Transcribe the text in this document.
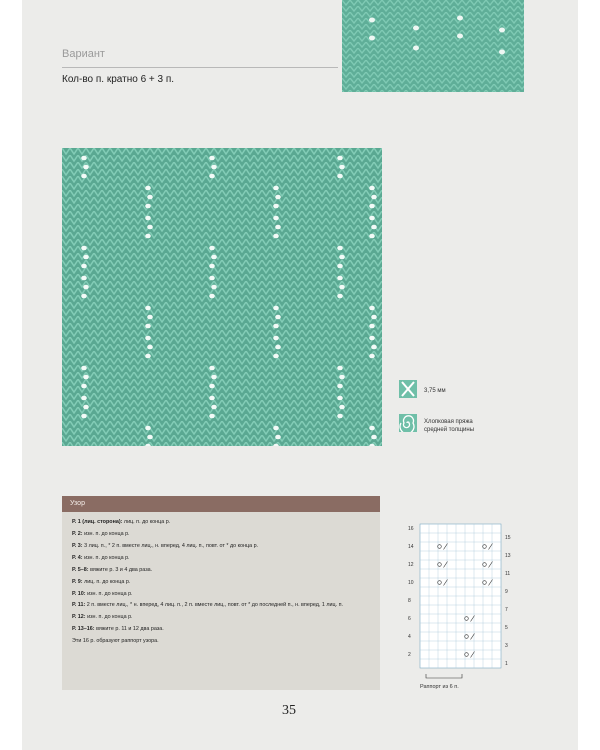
Вариант
Кол-во п. кратно 6 + 3 п.
3,75 мм
Хлопковая пряжа
средней толщины
Узор
Р. 1 (лиц. сторона): лиц. п. до конца р.
Р. 2: изн. п. до конца р.
Р. 3: 3 лиц. п., * 2 п. вместе лиц., н. вперед, 4 лиц. п., повт. от * до конца р.
Р. 4: изн. п. до конца р.
Р. 5–8: вяжите р. 3 и 4 два раза.
Р. 9: лиц. п. до конца р.
Р. 10: изн. п. до конца р.
Р. 11: 2 п. вместе лиц., * н. вперед, 4 лиц. п., 2 п. вместе лиц., повт. от * до последней п., н. вперед, 1 лиц. п.
Р. 12: изн. п. до конца р.
Р. 13–16: вяжите р. 11 и 12 два раза.
Эти 16 р. образуют раппорт узора.
16
14
12
10
8
6
4
2
15
13
11
9
7
5
3
1
Раппорт из 6 п.
35
